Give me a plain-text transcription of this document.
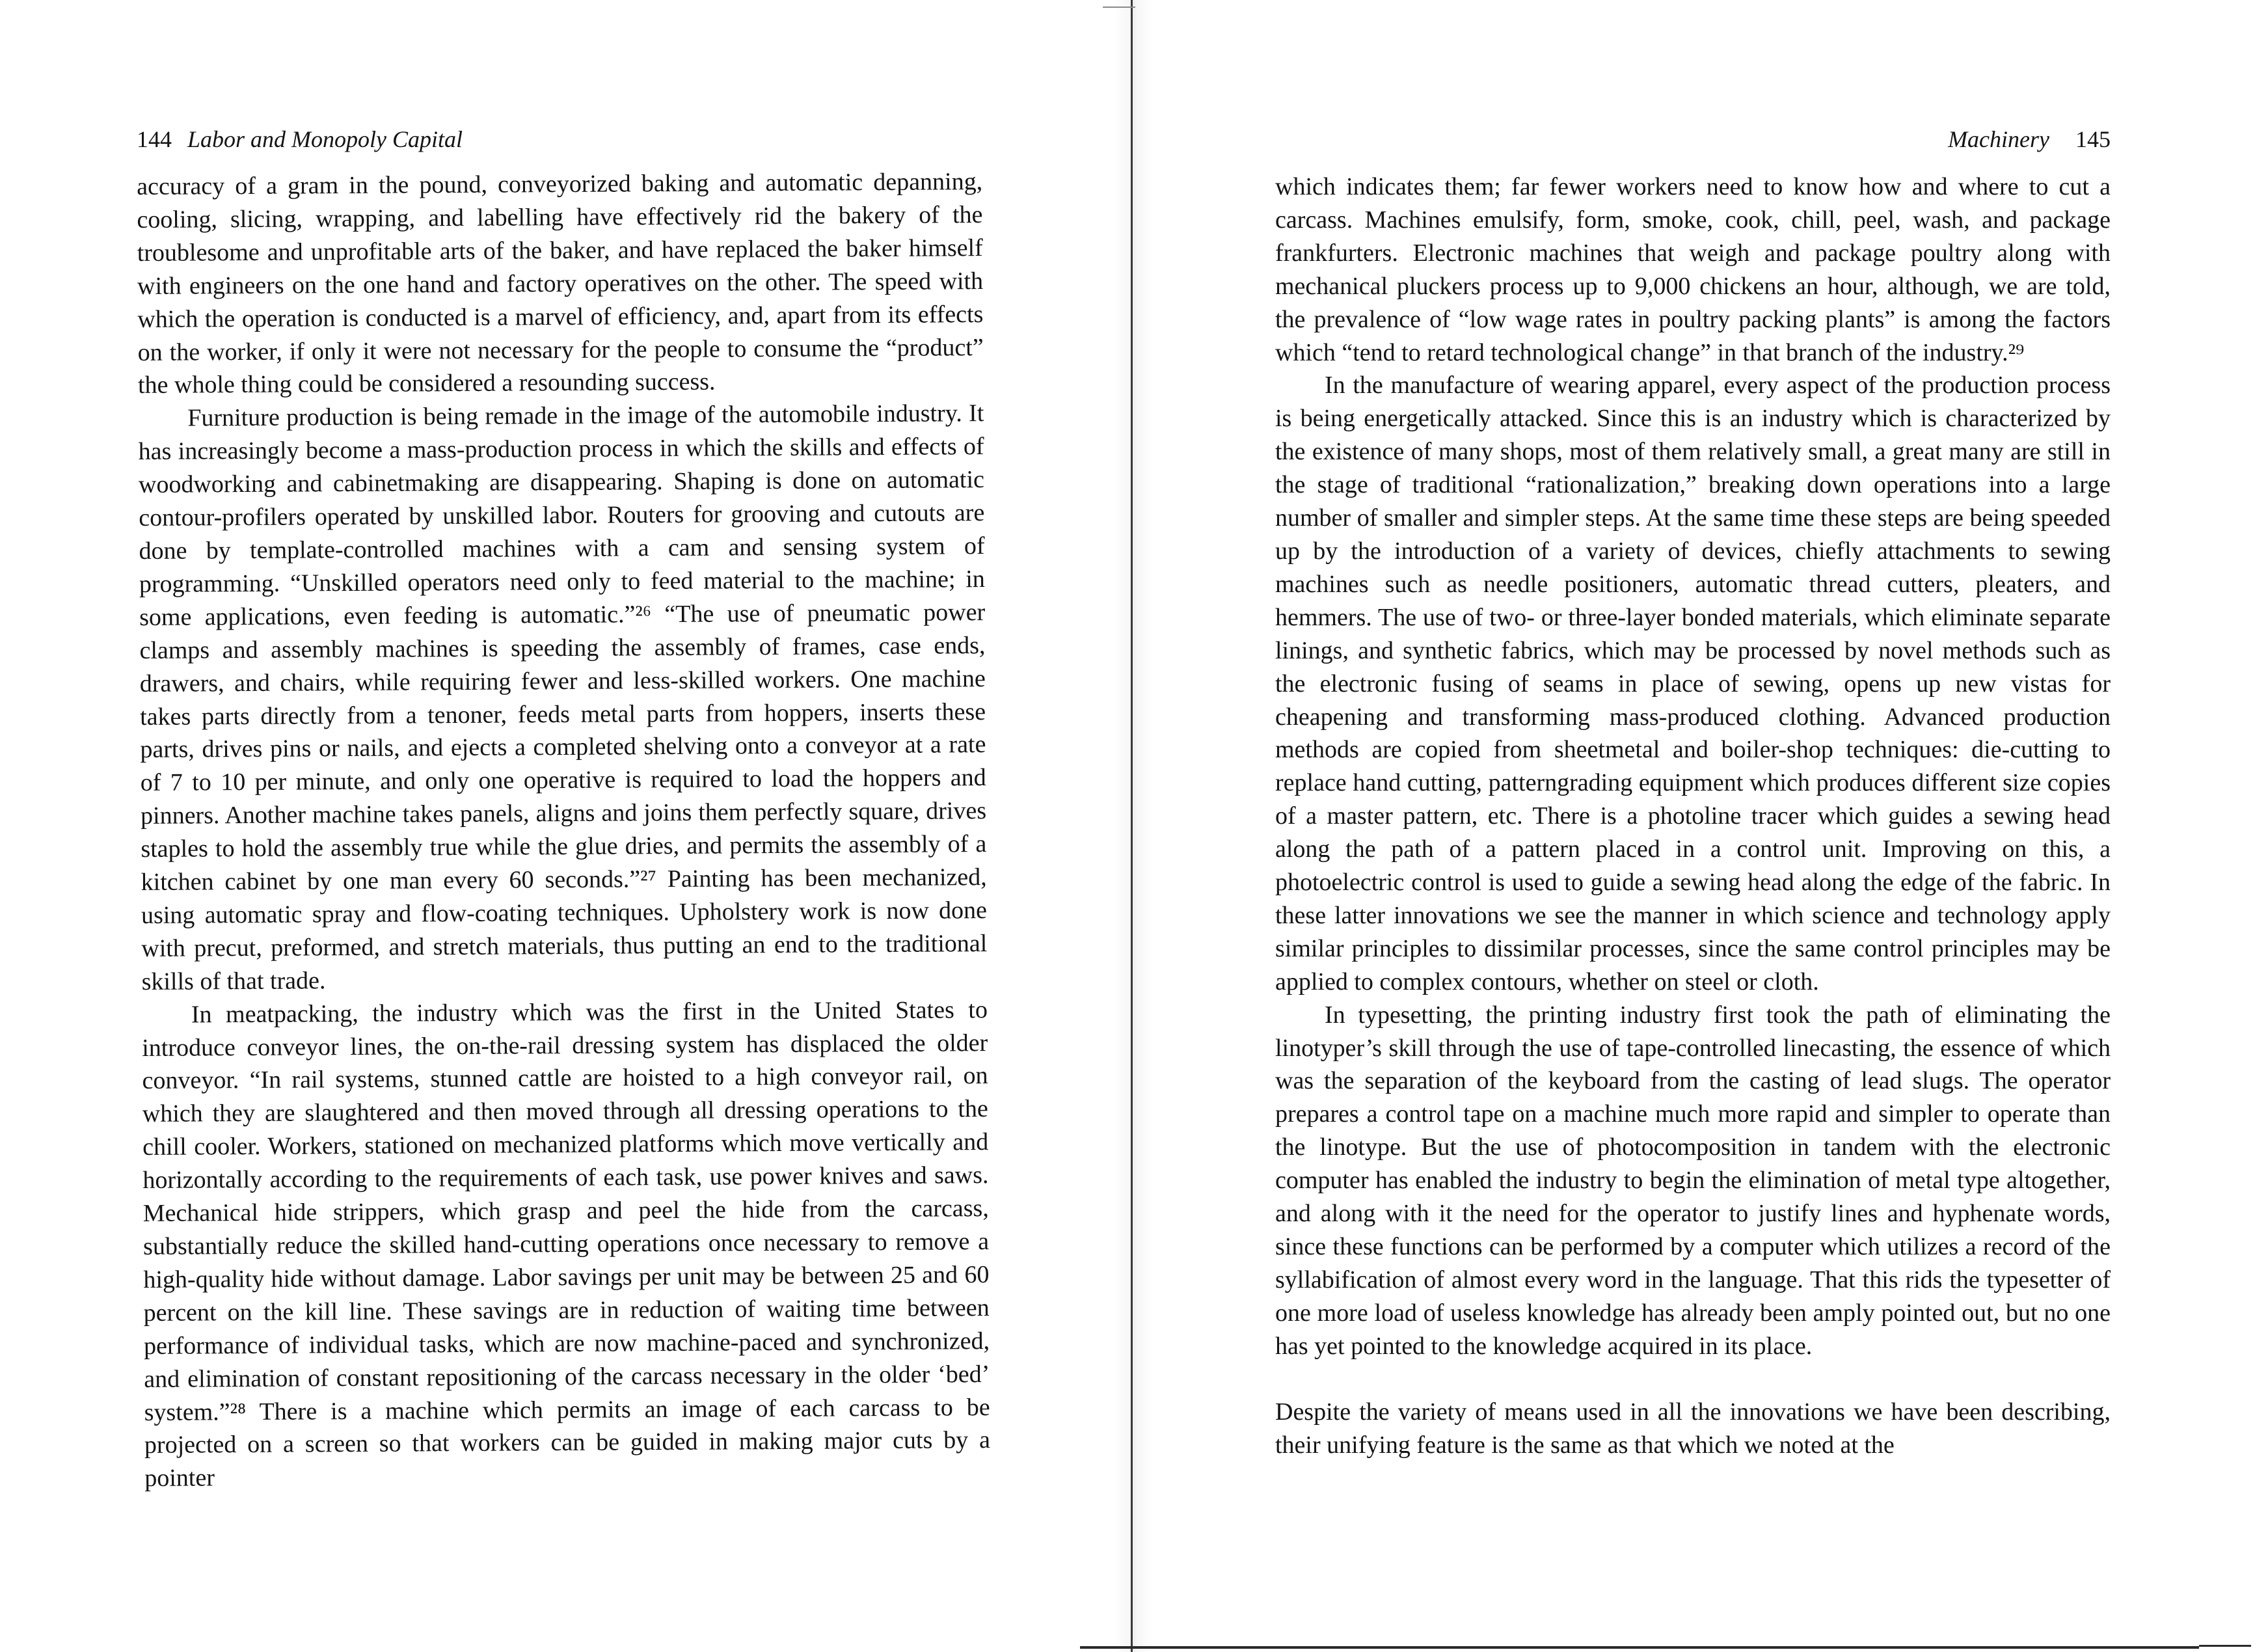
144 Labor and Monopoly Capital

accuracy of a gram in the pound, conveyorized baking and automatic depanning, cooling, slicing, wrapping, and labelling have effectively rid the bakery of the troublesome and unprofitable arts of the baker, and have replaced the baker himself with engineers on the one hand and factory operatives on the other. The speed with which the operation is conducted is a marvel of efficiency, and, apart from its effects on the worker, if only it were not necessary for the people to consume the “product” the whole thing could be considered a resounding success.

Furniture production is being remade in the image of the automobile industry. It has increasingly become a mass-production process in which the skills and effects of woodworking and cabinetmaking are disappearing. Shaping is done on automatic contour-profilers operated by unskilled labor. Routers for grooving and cutouts are done by template-controlled machines with a cam and sensing system of programming. “Unskilled operators need only to feed material to the machine; in some applications, even feeding is automatic.”²⁶ “The use of pneumatic power clamps and assembly machines is speeding the assembly of frames, case ends, drawers, and chairs, while requiring fewer and less-skilled workers. One machine takes parts directly from a tenoner, feeds metal parts from hoppers, inserts these parts, drives pins or nails, and ejects a completed shelving onto a conveyor at a rate of 7 to 10 per minute, and only one operative is required to load the hoppers and pinners. Another machine takes panels, aligns and joins them perfectly square, drives staples to hold the assembly true while the glue dries, and permits the assembly of a kitchen cabinet by one man every 60 seconds.”²⁷ Painting has been mechanized, using automatic spray and flow-coating techniques. Upholstery work is now done with precut, preformed, and stretch materials, thus putting an end to the traditional skills of that trade.

In meatpacking, the industry which was the first in the United States to introduce conveyor lines, the on-the-rail dressing system has displaced the older conveyor. “In rail systems, stunned cattle are hoisted to a high conveyor rail, on which they are slaughtered and then moved through all dressing operations to the chill cooler. Workers, stationed on mechanized platforms which move vertically and horizontally according to the requirements of each task, use power knives and saws. Mechanical hide strippers, which grasp and peel the hide from the carcass, substantially reduce the skilled hand-cutting operations once necessary to remove a high-quality hide without damage. Labor savings per unit may be between 25 and 60 percent on the kill line. These savings are in reduction of waiting time between performance of individual tasks, which are now machine-paced and synchronized, and elimination of constant repositioning of the carcass necessary in the older ‘bed’ system.”²⁸ There is a machine which permits an image of each carcass to be projected on a screen so that workers can be guided in making major cuts by a pointer

Machinery 145

which indicates them; far fewer workers need to know how and where to cut a carcass. Machines emulsify, form, smoke, cook, chill, peel, wash, and package frankfurters. Electronic machines that weigh and package poultry along with mechanical pluckers process up to 9,000 chickens an hour, although, we are told, the prevalence of “low wage rates in poultry packing plants” is among the factors which “tend to retard technological change” in that branch of the industry.²⁹

In the manufacture of wearing apparel, every aspect of the production process is being energetically attacked. Since this is an industry which is characterized by the existence of many shops, most of them relatively small, a great many are still in the stage of traditional “rationalization,” breaking down operations into a large number of smaller and simpler steps. At the same time these steps are being speeded up by the introduction of a variety of devices, chiefly attachments to sewing machines such as needle positioners, automatic thread cutters, pleaters, and hemmers. The use of two- or three-layer bonded materials, which eliminate separate linings, and synthetic fabrics, which may be processed by novel methods such as the electronic fusing of seams in place of sewing, opens up new vistas for cheapening and transforming mass-produced clothing. Advanced production methods are copied from sheetmetal and boiler-shop techniques: die-cutting to replace hand cutting, patterngrading equipment which produces different size copies of a master pattern, etc. There is a photoline tracer which guides a sewing head along the path of a pattern placed in a control unit. Improving on this, a photoelectric control is used to guide a sewing head along the edge of the fabric. In these latter innovations we see the manner in which science and technology apply similar principles to dissimilar processes, since the same control principles may be applied to complex contours, whether on steel or cloth.

In typesetting, the printing industry first took the path of eliminating the linotyper’s skill through the use of tape-controlled linecasting, the essence of which was the separation of the keyboard from the casting of lead slugs. The operator prepares a control tape on a machine much more rapid and simpler to operate than the linotype. But the use of photocomposition in tandem with the electronic computer has enabled the industry to begin the elimination of metal type altogether, and along with it the need for the operator to justify lines and hyphenate words, since these functions can be performed by a computer which utilizes a record of the syllabification of almost every word in the language. That this rids the typesetter of one more load of useless knowledge has already been amply pointed out, but no one has yet pointed to the knowledge acquired in its place.

Despite the variety of means used in all the innovations we have been describing, their unifying feature is the same as that which we noted at the
